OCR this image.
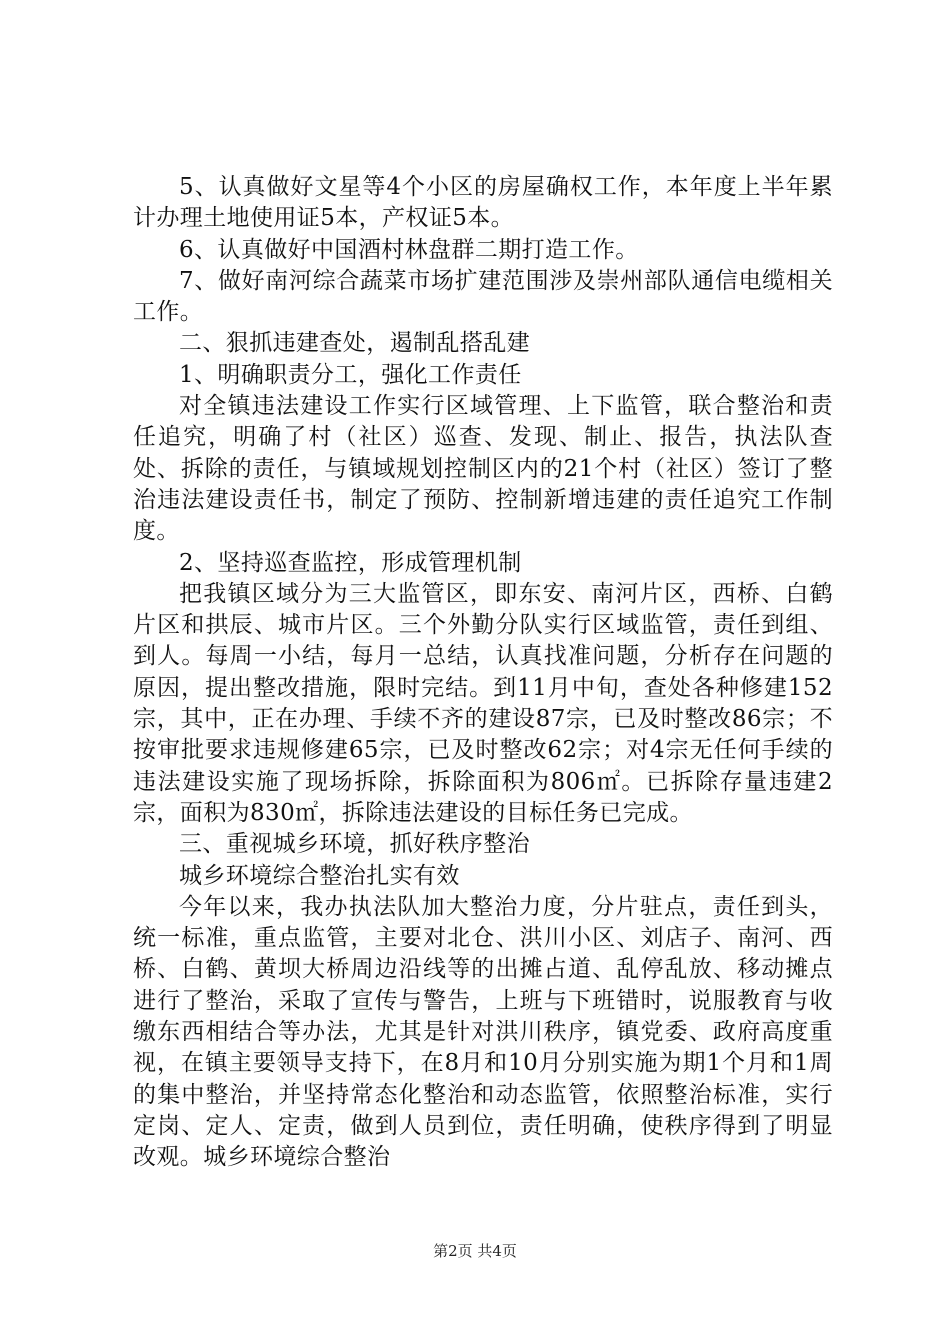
5、认真做好文星等4个小区的房屋确权工作，本年度上半年累计办理土地使用证5本，产权证5本。

6、认真做好中国酒村林盘群二期打造工作。

7、做好南河综合蔬菜市场扩建范围涉及崇州部队通信电缆相关工作。

二、狠抓违建查处，遏制乱搭乱建

1、明确职责分工，强化工作责任

对全镇违法建设工作实行区域管理、上下监管，联合整治和责任追究，明确了村（社区）巡查、发现、制止、报告，执法队查处、拆除的责任，与镇域规划控制区内的21个村（社区）签订了整治违法建设责任书，制定了预防、控制新增违建的责任追究工作制度。

2、坚持巡查监控，形成管理机制

把我镇区域分为三大监管区，即东安、南河片区，西桥、白鹤片区和拱辰、城市片区。三个外勤分队实行区域监管，责任到组、到人。每周一小结，每月一总结，认真找准问题，分析存在问题的原因，提出整改措施，限时完结。到11月中旬，查处各种修建152宗，其中，正在办理、手续不齐的建设87宗，已及时整改86宗；不按审批要求违规修建65宗，已及时整改62宗；对4宗无任何手续的违法建设实施了现场拆除，拆除面积为806㎡。已拆除存量违建2宗，面积为830㎡，拆除违法建设的目标任务已完成。

三、重视城乡环境，抓好秩序整治

城乡环境综合整治扎实有效

今年以来，我办执法队加大整治力度，分片驻点，责任到头，统一标准，重点监管，主要对北仓、洪川小区、刘店子、南河、西桥、白鹤、黄坝大桥周边沿线等的出摊占道、乱停乱放、移动摊点进行了整治，采取了宣传与警告，上班与下班错时，说服教育与收缴东西相结合等办法，尤其是针对洪川秩序，镇党委、政府高度重视，在镇主要领导支持下，在8月和10月分别实施为期1个月和1周的集中整治，并坚持常态化整治和动态监管，依照整治标准，实行定岗、定人、定责，做到人员到位，责任明确，使秩序得到了明显改观。城乡环境综合整治

第2页 共4页
